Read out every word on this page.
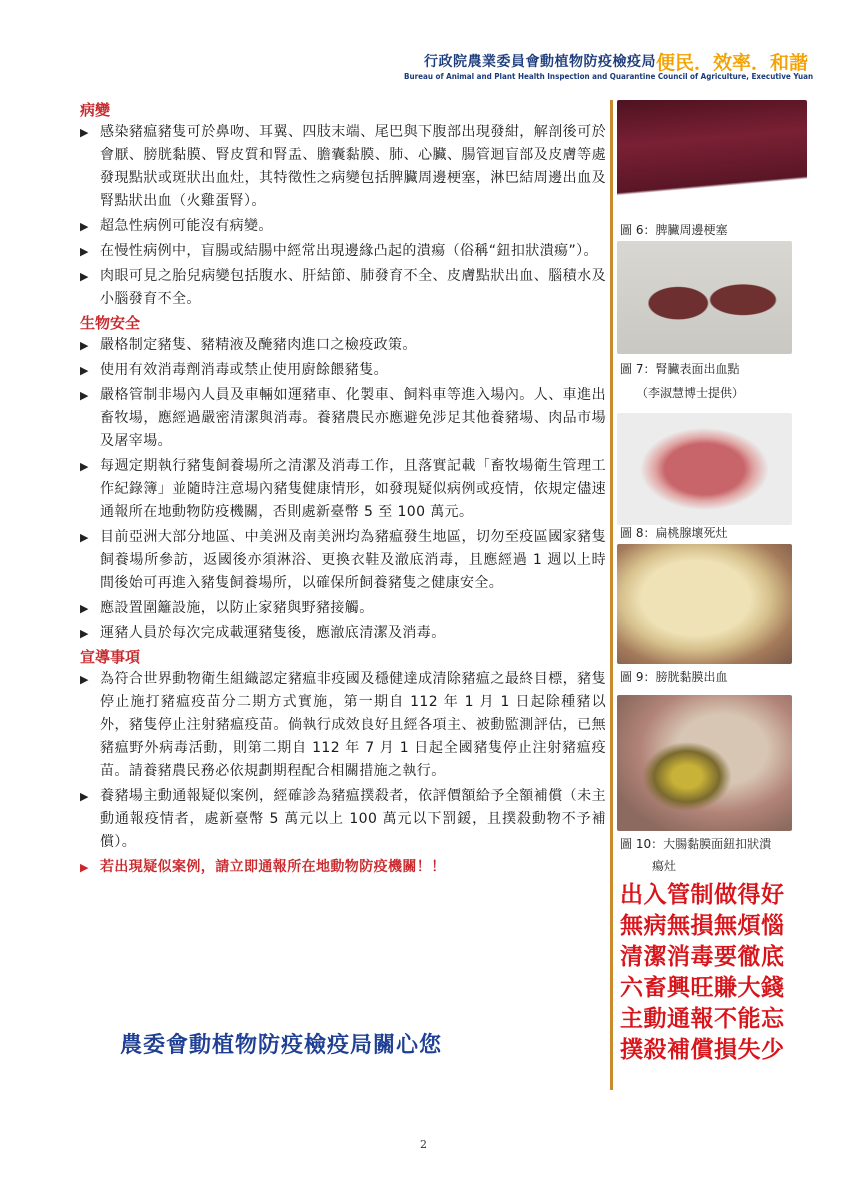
行政院農業委員會動植物防疫檢疫局
Bureau of Animal and Plant Health Inspection and Quarantine Council of Agriculture, Executive Yuan
便民．效率．和諧
病變
▶ 感染豬瘟豬隻可於鼻吻、耳翼、四肢末端、尾巴與下腹部出現發紺，解剖後可於會厭、膀胱黏膜、腎皮質和腎盂、膽囊黏膜、肺、心臟、腸管迴盲部及皮膚等處發現點狀或斑狀出血灶，其特徵性之病變包括脾臟周邊梗塞，淋巴結周邊出血及腎點狀出血（火雞蛋腎）。
▶ 超急性病例可能沒有病變。
▶ 在慢性病例中，盲腸或結腸中經常出現邊緣凸起的潰瘍（俗稱“鈕扣狀潰瘍”）。
▶ 肉眼可見之胎兒病變包括腹水、肝結節、肺發育不全、皮膚點狀出血、腦積水及小腦發育不全。
生物安全
▶ 嚴格制定豬隻、豬精液及醃豬肉進口之檢疫政策。
▶ 使用有效消毒劑消毒或禁止使用廚餘餵豬隻。
▶ 嚴格管制非場內人員及車輛如運豬車、化製車、飼料車等進入場內。人、車進出畜牧場，應經過嚴密清潔與消毒。養豬農民亦應避免涉足其他養豬場、肉品市場及屠宰場。
▶ 每週定期執行豬隻飼養場所之清潔及消毒工作，且落實記載「畜牧場衛生管理工作紀錄簿」並隨時注意場內豬隻健康情形，如發現疑似病例或疫情，依規定儘速通報所在地動物防疫機關，否則處新臺幣 5 至 100 萬元。
▶ 目前亞洲大部分地區、中美洲及南美洲均為豬瘟發生地區，切勿至疫區國家豬隻飼養場所參訪，返國後亦須淋浴、更換衣鞋及澈底消毒，且應經過 1 週以上時間後始可再進入豬隻飼養場所，以確保所飼養豬隻之健康安全。
▶ 應設置圍籬設施，以防止家豬與野豬接觸。
▶ 運豬人員於每次完成載運豬隻後，應澈底清潔及消毒。
宣導事項
▶ 為符合世界動物衛生組織認定豬瘟非疫國及穩健達成清除豬瘟之最終目標，豬隻停止施打豬瘟疫苗分二期方式實施，第一期自 112 年 1 月 1 日起除種豬以外，豬隻停止注射豬瘟疫苗。倘執行成效良好且經各項主、被動監測評估，已無豬瘟野外病毒活動，則第二期自 112 年 7 月 1 日起全國豬隻停止注射豬瘟疫苗。請養豬農民務必依規劃期程配合相關措施之執行。
▶ 養豬場主動通報疑似案例，經確診為豬瘟撲殺者，依評價額給予全額補償（未主動通報疫情者，處新臺幣 5 萬元以上 100 萬元以下罰鍰，且撲殺動物不予補償）。
▶ 若出現疑似案例，請立即通報所在地動物防疫機關！！
農委會動植物防疫檢疫局關心您
圖 6：脾臟周邊梗塞
圖 7：腎臟表面出血點
（李淑慧博士提供）
圖 8：扁桃腺壞死灶
圖 9：膀胱黏膜出血
圖 10：大腸黏膜面鈕扣狀潰
瘍灶
出入管制做得好
無病無損無煩惱
清潔消毒要徹底
六畜興旺賺大錢
主動通報不能忘
撲殺補償損失少
2
